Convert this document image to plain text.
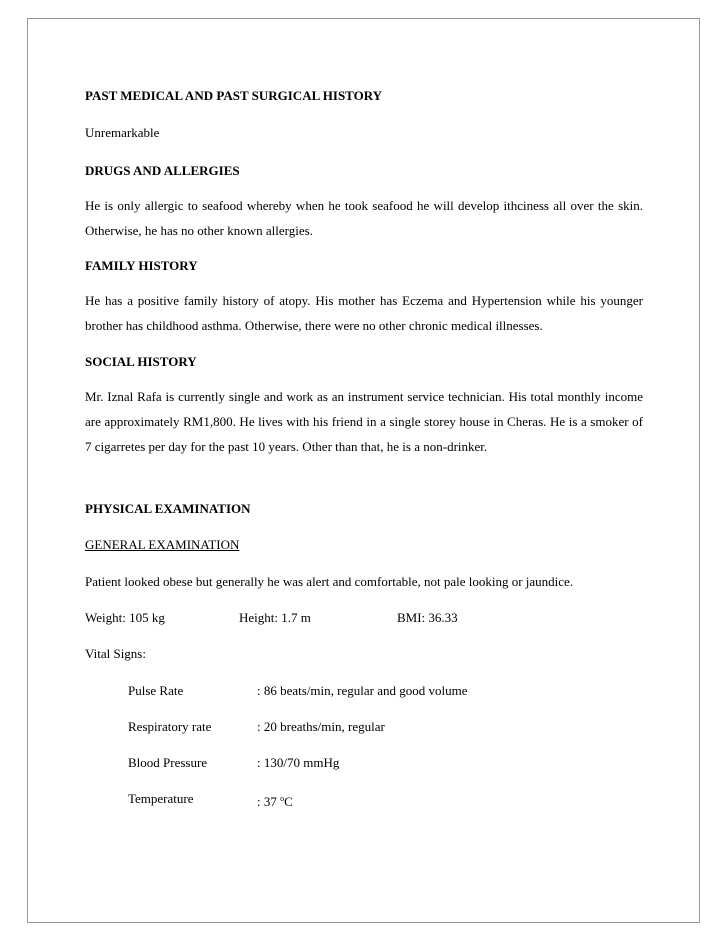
PAST MEDICAL AND PAST SURGICAL HISTORY
Unremarkable
DRUGS AND ALLERGIES

He is only allergic to seafood whereby when he took seafood he will develop ithciness all over the skin. Otherwise, he has no other known allergies.

FAMILY HISTORY

He has a positive family history of atopy. His mother has Eczema and Hypertension while his younger brother has childhood asthma. Otherwise, there were no other chronic medical illnesses.

SOCIAL HISTORY

Mr. Iznal Rafa is currently single and work as an instrument service technician. His total monthly income are approximately RM1,800. He lives with his friend in a single storey house in Cheras. He is a smoker of 7 cigarretes per day for the past 10 years. Other than that, he is a non-drinker.

PHYSICAL EXAMINATION
GENERAL EXAMINATION
Patient looked obese but generally he was alert and comfortable, not pale looking or jaundice.
Weight: 105 kg	Height: 1.7 m	BMI: 36.33
Vital Signs:
Pulse Rate	: 86 beats/min, regular and good volume
Respiratory rate	: 20 breaths/min, regular
Blood Pressure	: 130/70 mmHg
Temperature	: 37 $^o$C
